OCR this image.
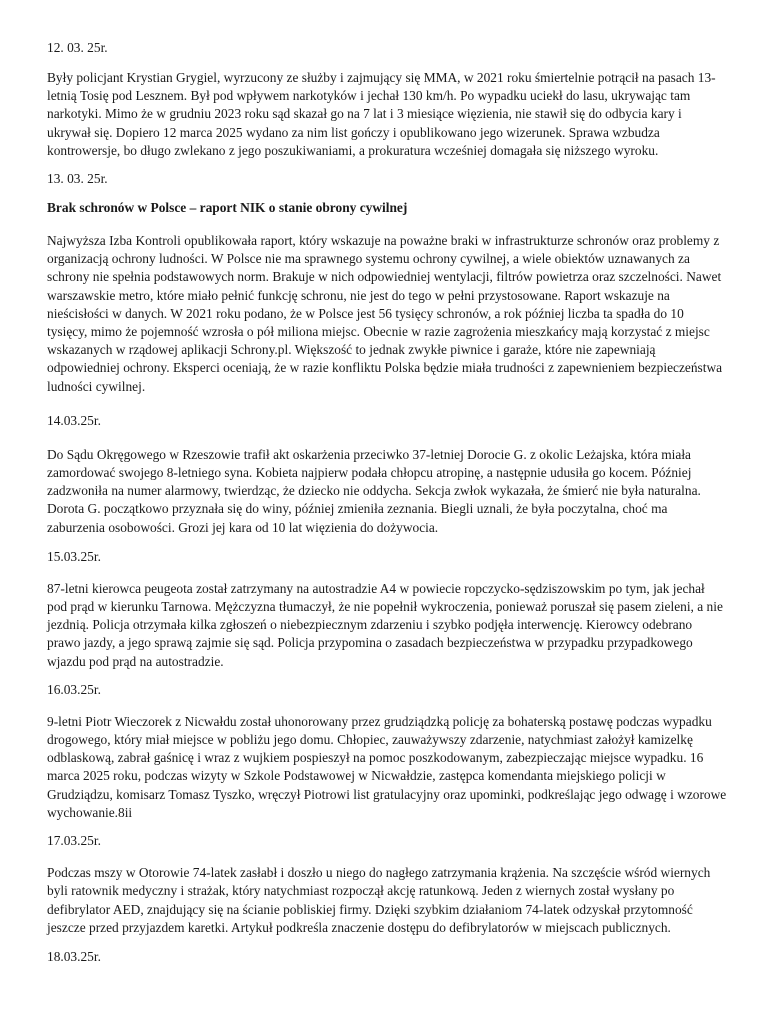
12. 03. 25r.

Były policjant Krystian Grygiel, wyrzucony ze służby i zajmujący się MMA, w 2021 roku śmiertelnie potrącił na pasach 13-letnią Tosię pod Lesznem. Był pod wpływem narkotyków i jechał 130 km/h. Po wypadku uciekł do lasu, ukrywając tam narkotyki. Mimo że w grudniu 2023 roku sąd skazał go na 7 lat i 3 miesiące więzienia, nie stawił się do odbycia kary i ukrywał się. Dopiero 12 marca 2025 wydano za nim list gończy i opublikowano jego wizerunek. Sprawa wzbudza kontrowersje, bo długo zwlekano z jego poszukiwaniami, a prokuratura wcześniej domagała się niższego wyroku.

13. 03. 25r.

Brak schronów w Polsce – raport NIK o stanie obrony cywilnej

Najwyższa Izba Kontroli opublikowała raport, który wskazuje na poważne braki w infrastrukturze schronów oraz problemy z organizacją ochrony ludności. W Polsce nie ma sprawnego systemu ochrony cywilnej, a wiele obiektów uznawanych za schrony nie spełnia podstawowych norm. Brakuje w nich odpowiedniej wentylacji, filtrów powietrza oraz szczelności. Nawet warszawskie metro, które miało pełnić funkcję schronu, nie jest do tego w pełni przystosowane. Raport wskazuje na nieścisłości w danych. W 2021 roku podano, że w Polsce jest 56 tysięcy schronów, a rok później liczba ta spadła do 10 tysięcy, mimo że pojemność wzrosła o pół miliona miejsc. Obecnie w razie zagrożenia mieszkańcy mają korzystać z miejsc wskazanych w rządowej aplikacji Schrony.pl. Większość to jednak zwykłe piwnice i garaże, które nie zapewniają odpowiedniej ochrony. Eksperci oceniają, że w razie konfliktu Polska będzie miała trudności z zapewnieniem bezpieczeństwa ludności cywilnej.

14.03.25r.

Do Sądu Okręgowego w Rzeszowie trafił akt oskarżenia przeciwko 37-letniej Dorocie G. z okolic Leżajska, która miała zamordować swojego 8-letniego syna. Kobieta najpierw podała chłopcu atropinę, a następnie udusiła go kocem. Później zadzwoniła na numer alarmowy, twierdząc, że dziecko nie oddycha. Sekcja zwłok wykazała, że śmierć nie była naturalna. Dorota G. początkowo przyznała się do winy, później zmieniła zeznania. Biegli uznali, że była poczytalna, choć ma zaburzenia osobowości. Grozi jej kara od 10 lat więzienia do dożywocia.

15.03.25r.

87-letni kierowca peugeota został zatrzymany na autostradzie A4 w powiecie ropczycko-sędziszowskim po tym, jak jechał pod prąd w kierunku Tarnowa. Mężczyzna tłumaczył, że nie popełnił wykroczenia, ponieważ poruszał się pasem zieleni, a nie jezdnią. Policja otrzymała kilka zgłoszeń o niebezpiecznym zdarzeniu i szybko podjęła interwencję. Kierowcy odebrano prawo jazdy, a jego sprawą zajmie się sąd. Policja przypomina o zasadach bezpieczeństwa w przypadku przypadkowego wjazdu pod prąd na autostradzie.

16.03.25r.

9-letni Piotr Wieczorek z Nicwałdu został uhonorowany przez grudziądzką policję za bohaterską postawę podczas wypadku drogowego, który miał miejsce w pobliżu jego domu. Chłopiec, zauważywszy zdarzenie, natychmiast założył kamizelkę odblaskową, zabrał gaśnicę i wraz z wujkiem pospieszył na pomoc poszkodowanym, zabezpieczając miejsce wypadku. 16 marca 2025 roku, podczas wizyty w Szkole Podstawowej w Nicwałdzie, zastępca komendanta miejskiego policji w Grudziądzu, komisarz Tomasz Tyszko, wręczył Piotrowi list gratulacyjny oraz upominki, podkreślając jego odwagę i wzorowe wychowanie.8ii

17.03.25r.

Podczas mszy w Otorowie 74-latek zasłabł i doszło u niego do nagłego zatrzymania krążenia. Na szczęście wśród wiernych byli ratownik medyczny i strażak, który natychmiast rozpoczął akcję ratunkową. Jeden z wiernych został wysłany po defibrylator AED, znajdujący się na ścianie pobliskiej firmy. Dzięki szybkim działaniom 74-latek odzyskał przytomność jeszcze przed przyjazdem karetki. Artykuł podkreśla znaczenie dostępu do defibrylatorów w miejscach publicznych.

18.03.25r.
